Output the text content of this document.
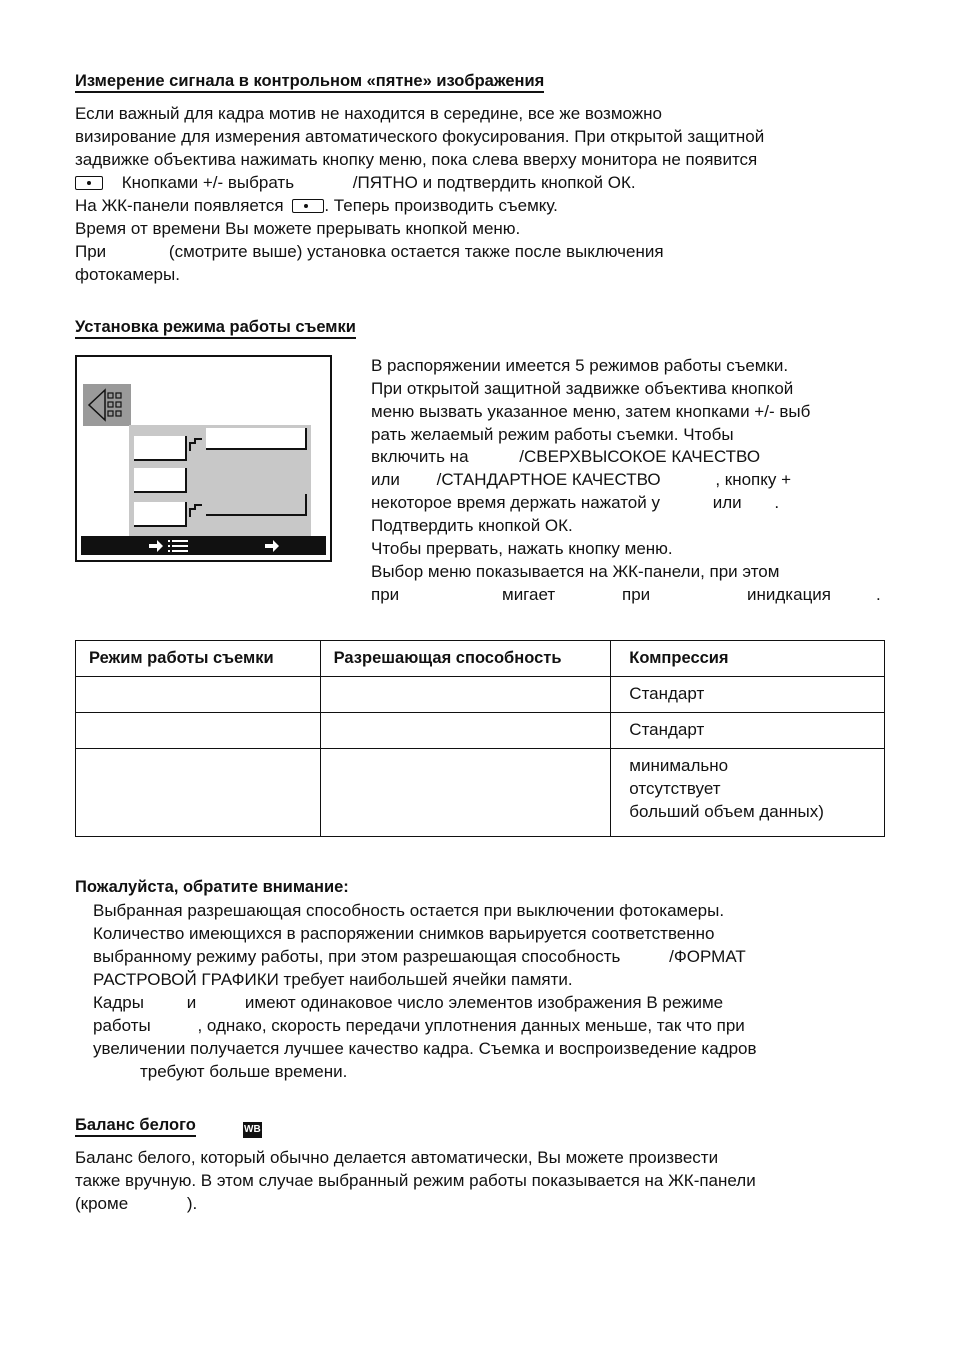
Измерение сигнала в контрольном «пятне» изображения
Если важный для кадра мотив не находится в середине, все же возможно
визирование для измерения автоматического фокусирования. При открытой защитной
задвижке объектива нажимать кнопку меню, пока слева вверху монитора не появится
Кнопками +/- выбрать	/ПЯТНО и подтвердить кнопкой ОК.
На ЖК-панели появляется . Теперь производить съемку.
Время от времени Вы можете прерывать кнопкой меню.
При	(смотрите выше) установка остается также после выключения
фотокамеры.
Установка режима работы съемки
В распоряжении имеется 5 режимов работы съемки.
При открытой защитной задвижке объектива кнопкой
меню вызвать указанное меню, затем кнопками +/- выб
рать желаемый режим работы съемки. Чтобы
включить на	/СВЕРХВЫСОКОЕ КАЧЕСТВО
или /СТАНДАРТНОЕ КАЧЕСТВО	, кнопку +
некоторое время держать нажатой у	или .
Подтвердить кнопкой ОК.
Чтобы прервать, нажать кнопку меню.
Выбор меню показывается на ЖК-панели, при этом
при	мигает	при	инидкация	.
Режим работы съемки	Разрешающая способность	Компрессия

		Стандарт

		Стандарт

		минимально
отсутствует
больший объем данных)
Пожалуйста, обратите внимание:
Выбранная разрешающая способность остается при выключении фотокамеры.
Количество имеющихся в распоряжении снимков варьируется соответственно
выбранному режиму работы, при этом разрешающая способность	/ФОРМАТ
РАСТРОВОЙ ГРАФИКИ требует наибольшей ячейки памяти.
Кадры	и	имеют одинаковое число элементов изображения В режиме
работы	, однако, скорость передачи уплотнения данных меньше, так что при
увеличении получается лучшее качество кадра. Съемка и воспроизведение кадров
требуют больше времени.
Баланс белого	WB
Баланс белого, который обычно делается автоматически, Вы можете произвести
также вручную. В этом случае выбранный режим работы показывается на ЖК-панели
(кроме	).
